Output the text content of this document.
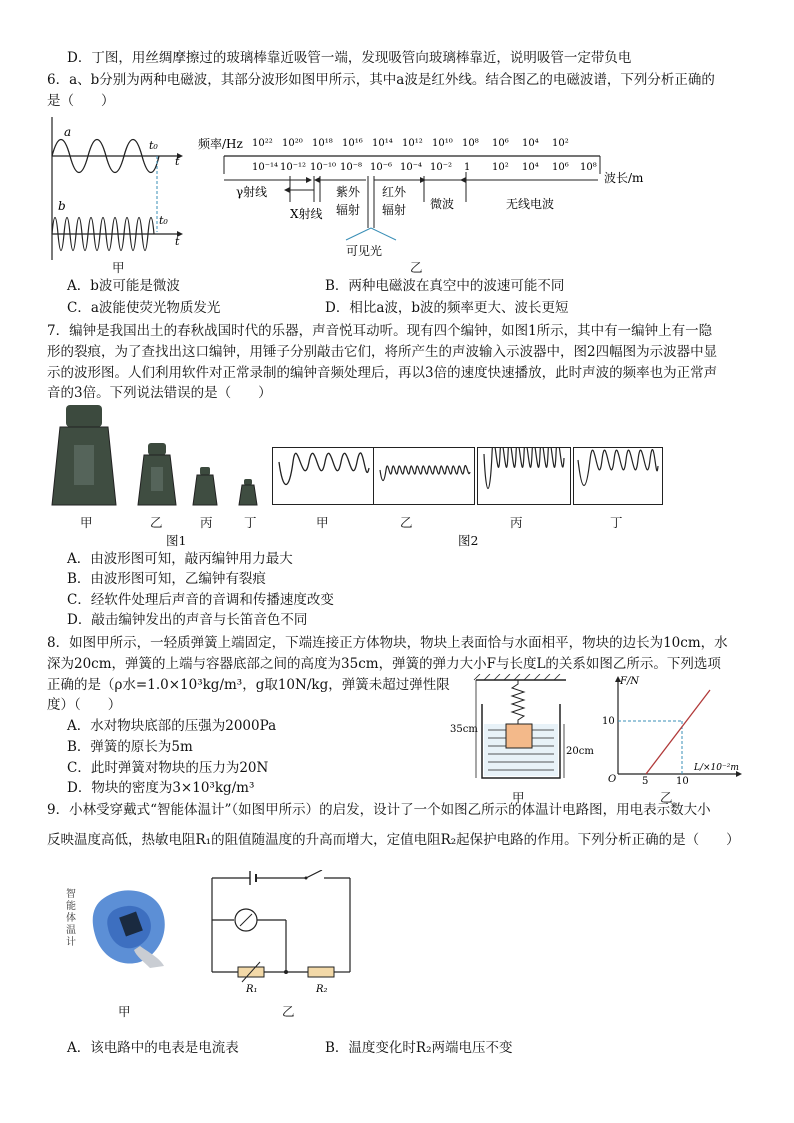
D．丁图，用丝绸摩擦过的玻璃棒靠近吸管一端，发现吸管向玻璃棒靠近，说明吸管一定带负电
6．a、b分别为两种电磁波，其部分波形如图甲所示，其中a波是红外线。结合图乙的电磁波谱，下列分析正确的
是（　　）
a
t₀
t
b
t₀
t
甲
频率/Hz 10²² 10²⁰ 10¹⁸ 10¹⁶ 10¹⁴ 10¹² 10¹⁰ 10⁸ 10⁶ 10⁴ 10²
10⁻¹⁴ 10⁻¹² 10⁻¹⁰ 10⁻⁸ 10⁻⁶ 10⁻⁴ 10⁻² 1 10² 10⁴ 10⁶ 10⁸
波长/m
γ射线
X射线
紫外
辐射
红外
辐射 微波	无线电波
可见光
乙
A．b波可能是微波	B．两种电磁波在真空中的波速可能不同
C．a波能使荧光物质发光	D．相比a波，b波的频率更大、波长更短
7．编钟是我国出土的春秋战国时代的乐器，声音悦耳动听。现有四个编钟，如图1所示，其中有一编钟上有一隐
形的裂痕，为了查找出这口编钟，用锤子分别敲击它们，将所产生的声波输入示波器中，图2四幅图为示波器中显
示的波形图。人们利用软件对正常录制的编钟音频处理后，再以3倍的速度快速播放，此时声波的频率也为正常声
音的3倍。下列说法错误的是（　　）
甲	乙	丙	丁
图1
甲	乙	丙	丁
图2
A．由波形图可知，敲丙编钟用力最大
B．由波形图可知，乙编钟有裂痕
C．经软件处理后声音的音调和传播速度改变
D．敲击编钟发出的声音与长笛音色不同
8．如图甲所示，一轻质弹簧上端固定，下端连接正方体物块，物块上表面恰与水面相平，物块的边长为10cm，水
深为20cm，弹簧的上端与容器底部之间的高度为35cm，弹簧的弹力大小F与长度L的关系如图乙所示。下列选项
正确的是（ρ水=1.0×10³kg/m³，g取10N/kg，弹簧未超过弹性限
度）（　　）
A．水对物块底部的压强为2000Pa
B．弹簧的原长为5m
C．此时弹簧对物块的压力为20N
D．物块的密度为3×10³kg/m³
35cm
20cm
甲
F/N
L/×10⁻²m
O	5	10
10
乙
9．小林受穿戴式“智能体温计”（如图甲所示）的启发，设计了一个如图乙所示的体温计电路图，用电表示数大小
反映温度高低，热敏电阻R₁的阻值随温度的升高而增大，定值电阻R₂起保护电路的作用。下列分析正确的是（　　）
智
能
体
温
计
甲
R₁	R₂
乙
A．该电路中的电表是电流表	B．温度变化时R₂两端电压不变
